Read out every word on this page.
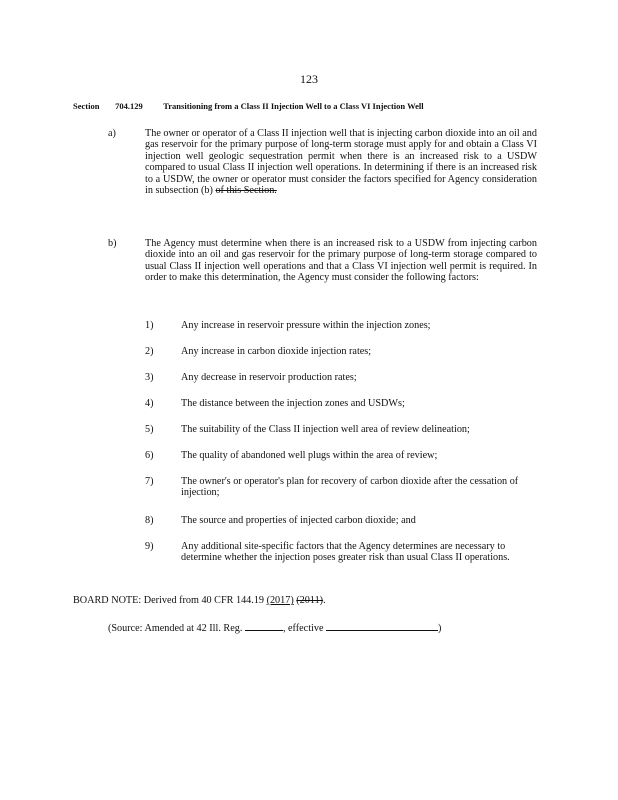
123
Section 704.129 Transitioning from a Class II Injection Well to a Class VI Injection Well
a)	The owner or operator of a Class II injection well that is injecting carbon dioxide into an oil and gas reservoir for the primary purpose of long-term storage must apply for and obtain a Class VI injection well geologic sequestration permit when there is an increased risk to a USDW compared to usual Class II injection well operations. In determining if there is an increased risk to a USDW, the owner or operator must consider the factors specified for Agency consideration in subsection (b) of this Section.
b)	The Agency must determine when there is an increased risk to a USDW from injecting carbon dioxide into an oil and gas reservoir for the primary purpose of long-term storage compared to usual Class II injection well operations and that a Class VI injection well permit is required. In order to make this determination, the Agency must consider the following factors:
1)	Any increase in reservoir pressure within the injection zones;
2)	Any increase in carbon dioxide injection rates;
3)	Any decrease in reservoir production rates;
4)	The distance between the injection zones and USDWs;
5)	The suitability of the Class II injection well area of review delineation;
6)	The quality of abandoned well plugs within the area of review;
7)	The owner's or operator's plan for recovery of carbon dioxide after the cessation of injection;
8)	The source and properties of injected carbon dioxide; and
9)	Any additional site-specific factors that the Agency determines are necessary to determine whether the injection poses greater risk than usual Class II operations.
BOARD NOTE: Derived from 40 CFR 144.19 (2017) (2011).
(Source: Amended at 42 Ill. Reg.	, effective	)
